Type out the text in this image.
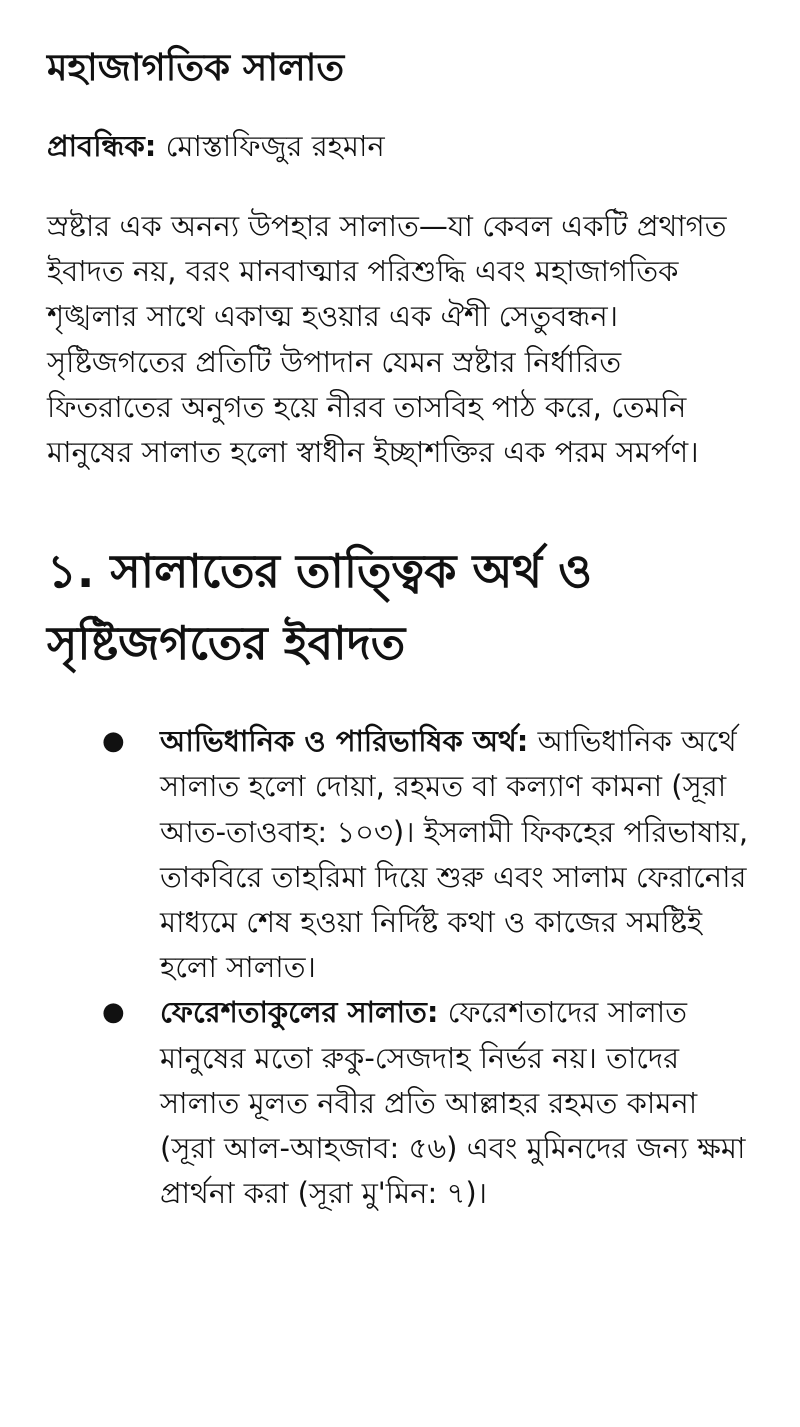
মহাজাগতিক সালাত

প্রাবন্ধিক: মোস্তাফিজুর রহমান

স্রষ্টার এক অনন্য উপহার সালাত—যা কেবল একটি প্রথাগত ইবাদত নয়, বরং মানবাত্মার পরিশুদ্ধি এবং মহাজাগতিক শৃঙ্খলার সাথে একাত্ম হওয়ার এক ঐশী সেতুবন্ধন। সৃষ্টিজগতের প্রতিটি উপাদান যেমন স্রষ্টার নির্ধারিত ফিতরাতের অনুগত হয়ে নীরব তাসবিহ পাঠ করে, তেমনি মানুষের সালাত হলো স্বাধীন ইচ্ছাশক্তির এক পরম সমর্পণ।

১. সালাতের তাত্ত্বিক অর্থ ও সৃষ্টিজগতের ইবাদত
● আভিধানিক ও পারিভাষিক অর্থ: আভিধানিক অর্থে সালাত হলো দোয়া, রহমত বা কল্যাণ কামনা (সূরা আত-তাওবাহ: ১০৩)। ইসলামী ফিকহের পরিভাষায়, তাকবিরে তাহরিমা দিয়ে শুরু এবং সালাম ফেরানোর মাধ্যমে শেষ হওয়া নির্দিষ্ট কথা ও কাজের সমষ্টিই হলো সালাত।
● ফেরেশতাকুলের সালাত: ফেরেশতাদের সালাত মানুষের মতো রুকু-সেজদাহ নির্ভর নয়। তাদের সালাত মূলত নবীর প্রতি আল্লাহর রহমত কামনা (সূরা আল-আহজাব: ৫৬) এবং মুমিনদের জন্য ক্ষমা প্রার্থনা করা (সূরা মু'মিন: ৭)।
